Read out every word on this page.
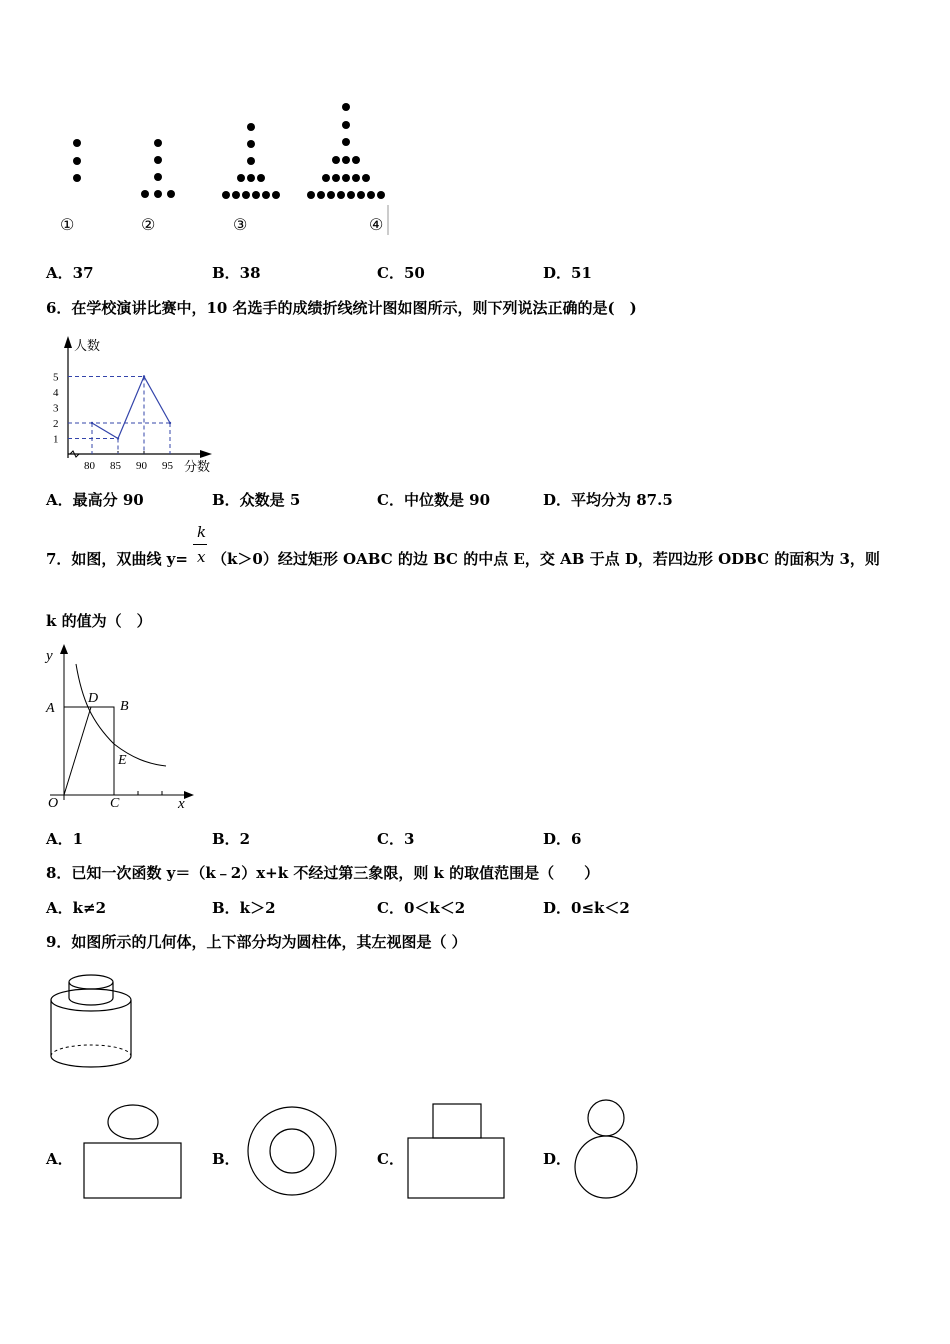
①	②	③	④
A．37	B．38	C．50	D．51
6．在学校演讲比赛中，10 名选手的成绩折线统计图如图所示，则下列说法正确的是(　)
人数
分数
1
2
3
4
5
80 85 90 95
A．最高分 90	B．众数是 5	C．中位数是 90	D．平均分为 87.5
7．如图，双曲线 y=
k
x （k＞0）经过矩形 OABC 的边 BC 的中点 E，交 AB 于点 D，若四边形 ODBC 的面积为 3，则
k 的值为（　）
y
A
D
B
E
O	C	x
A．1	B．2	C．3	D．6
8．已知一次函数 y＝（k﹣2）x+k 不经过第三象限，则 k 的取值范围是（　　）
A．k≠2	B．k＞2	C．0＜k＜2	D．0≤k＜2
9．如图所示的几何体，上下部分均为圆柱体，其左视图是（ ）
A．	B．	C．	D．
